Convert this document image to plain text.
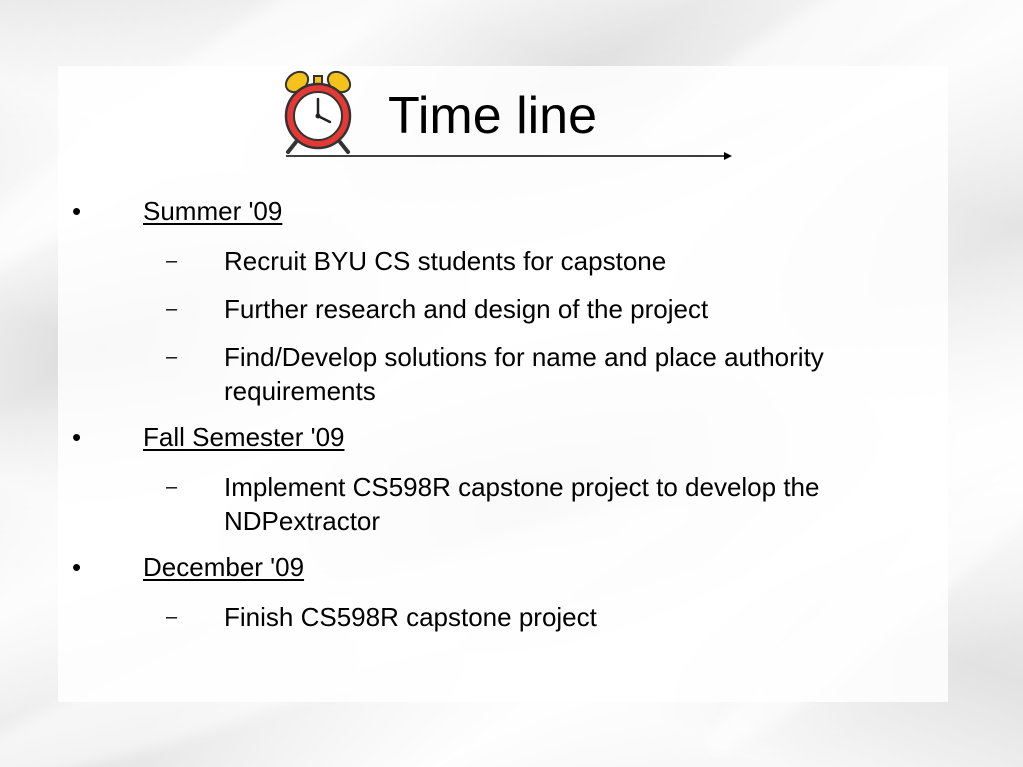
Time line
• Summer '09
– Recruit BYU CS students for capstone
– Further research and design of the project
– Find/Develop solutions for name and place authority requirements
• Fall Semester '09
– Implement CS598R capstone project to develop the NDPextractor
• December '09
– Finish CS598R capstone project
